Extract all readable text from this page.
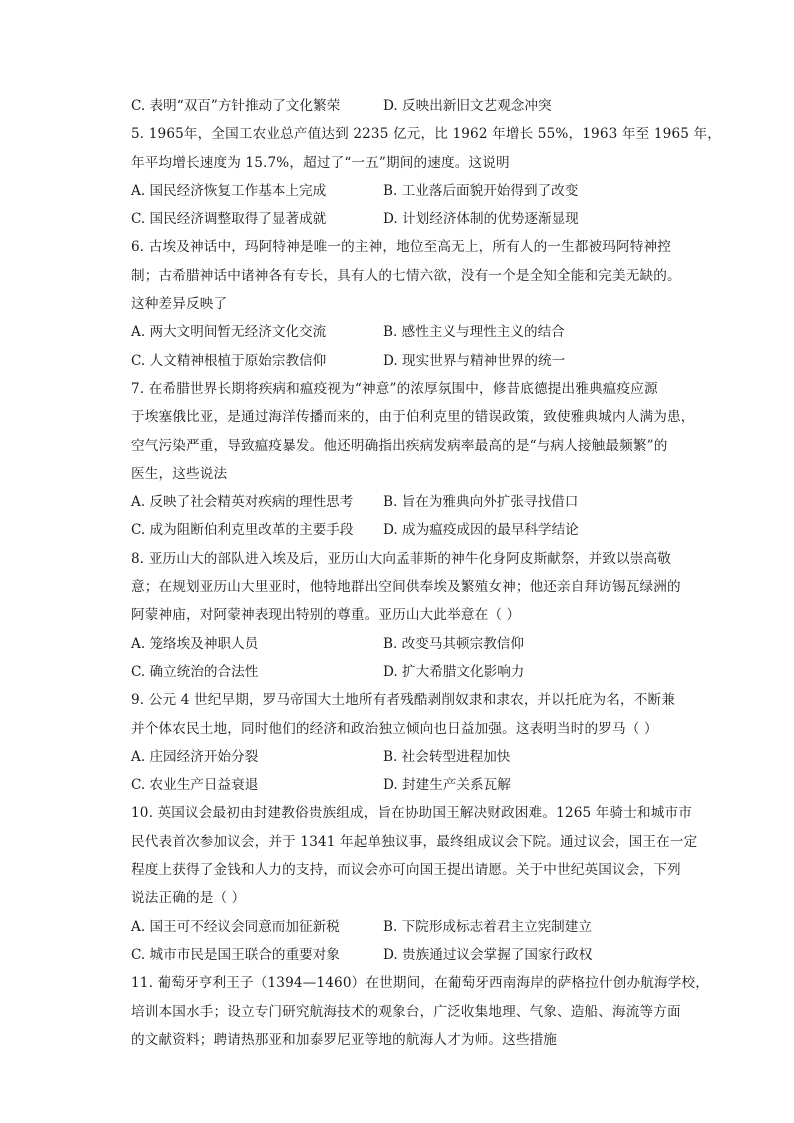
C. 表明“双百”方针推动了文化繁荣	D. 反映出新旧文艺观念冲突
5. 1965年，全国工农业总产值达到 2235 亿元，比 1962 年增长 55%，1963 年至 1965 年，
年平均增长速度为 15.7%，超过了“一五”期间的速度。这说明
A. 国民经济恢复工作基本上完成	B. 工业落后面貌开始得到了改变
C. 国民经济调整取得了显著成就	D. 计划经济体制的优势逐渐显现
6. 古埃及神话中，玛阿特神是唯一的主神，地位至高无上，所有人的一生都被玛阿特神控
制；古希腊神话中诸神各有专长，具有人的七情六欲，没有一个是全知全能和完美无缺的。
这种差异反映了
A. 两大文明间暂无经济文化交流	B. 感性主义与理性主义的结合
C. 人文精神根植于原始宗教信仰	D. 现实世界与精神世界的统一
7. 在希腊世界长期将疾病和瘟疫视为“神意”的浓厚氛围中，修昔底德提出雅典瘟疫应源
于埃塞俄比亚，是通过海洋传播而来的，由于伯利克里的错误政策，致使雅典城内人满为患，
空气污染严重，导致瘟疫暴发。他还明确指出疾病发病率最高的是“与病人接触最频繁”的
医生，这些说法
A. 反映了社会精英对疾病的理性思考	B. 旨在为雅典向外扩张寻找借口
C. 成为阻断伯利克里改革的主要手段	D. 成为瘟疫成因的最早科学结论
8. 亚历山大的部队进入埃及后，亚历山大向孟菲斯的神牛化身阿皮斯献祭，并致以崇高敬
意；在规划亚历山大里亚时，他特地群出空间供奉埃及繁殖女神；他还亲自拜访锡瓦绿洲的
阿蒙神庙，对阿蒙神表现出特别的尊重。亚历山大此举意在（ ）
A. 笼络埃及神职人员	B. 改变马其顿宗教信仰
C. 确立统治的合法性	D. 扩大希腊文化影响力
9. 公元 4 世纪早期，罗马帝国大土地所有者残酷剥削奴隶和隶农，并以托庇为名，不断兼
并个体农民土地，同时他们的经济和政治独立倾向也日益加强。这表明当时的罗马（ ）
A. 庄园经济开始分裂	B. 社会转型进程加快
C. 农业生产日益衰退	D. 封建生产关系瓦解
10. 英国议会最初由封建教俗贵族组成，旨在协助国王解决财政困难。1265 年骑士和城市市
民代表首次参加议会，并于 1341 年起单独议事，最终组成议会下院。通过议会，国王在一定
程度上获得了金钱和人力的支持，而议会亦可向国王提出请愿。关于中世纪英国议会，下列
说法正确的是（ ）
A. 国王可不经议会同意而加征新税	B. 下院形成标志着君主立宪制建立
C. 城市市民是国王联合的重要对象	D. 贵族通过议会掌握了国家行政权
11. 葡萄牙亨利王子（1394—1460）在世期间，在葡萄牙西南海岸的萨格拉什创办航海学校，
培训本国水手；设立专门研究航海技术的观象台，广泛收集地理、气象、造船、海流等方面
的文献资料；聘请热那亚和加泰罗尼亚等地的航海人才为师。这些措施
